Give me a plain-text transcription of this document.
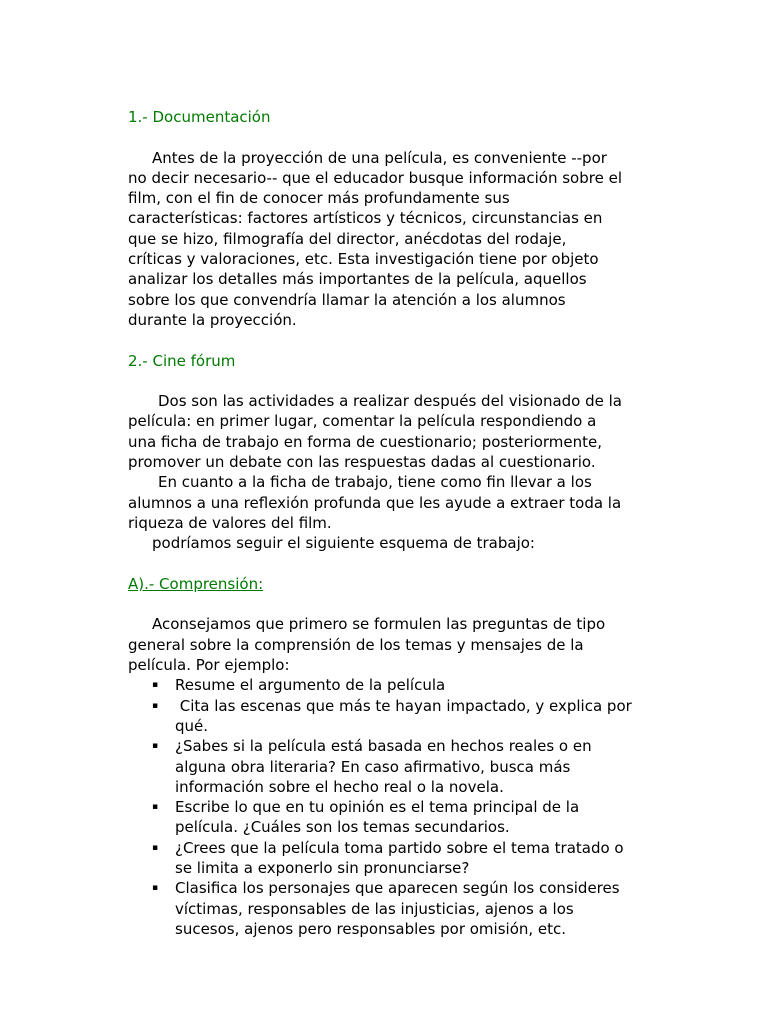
1.- Documentación
Antes de la proyección de una película, es conveniente --por
no decir necesario-- que el educador busque información sobre el
film, con el fin de conocer más profundamente sus
características: factores artísticos y técnicos, circunstancias en
que se hizo, filmografía del director, anécdotas del rodaje,
críticas y valoraciones, etc. Esta investigación tiene por objeto
analizar los detalles más importantes de la película, aquellos
sobre los que convendría llamar la atención a los alumnos
durante la proyección.
2.- Cine fórum
Dos son las actividades a realizar después del visionado de la
película: en primer lugar, comentar la película respondiendo a
una ficha de trabajo en forma de cuestionario; posteriormente,
promover un debate con las respuestas dadas al cuestionario.
En cuanto a la ficha de trabajo, tiene como fin llevar a los
alumnos a una reflexión profunda que les ayude a extraer toda la
riqueza de valores del film.
podríamos seguir el siguiente esquema de trabajo:
A).- Comprensión:
Aconsejamos que primero se formulen las preguntas de tipo
general sobre la comprensión de los temas y mensajes de la
película. Por ejemplo:
▪	Resume el argumento de la película
▪	Cita las escenas que más te hayan impactado, y explica por
qué.
▪	¿Sabes si la película está basada en hechos reales o en
alguna obra literaria? En caso afirmativo, busca más
información sobre el hecho real o la novela.
▪	Escribe lo que en tu opinión es el tema principal de la
película. ¿Cuáles son los temas secundarios.
▪	¿Crees que la película toma partido sobre el tema tratado o
se limita a exponerlo sin pronunciarse?
▪	Clasifica los personajes que aparecen según los consideres
víctimas, responsables de las injusticias, ajenos a los
sucesos, ajenos pero responsables por omisión, etc.
